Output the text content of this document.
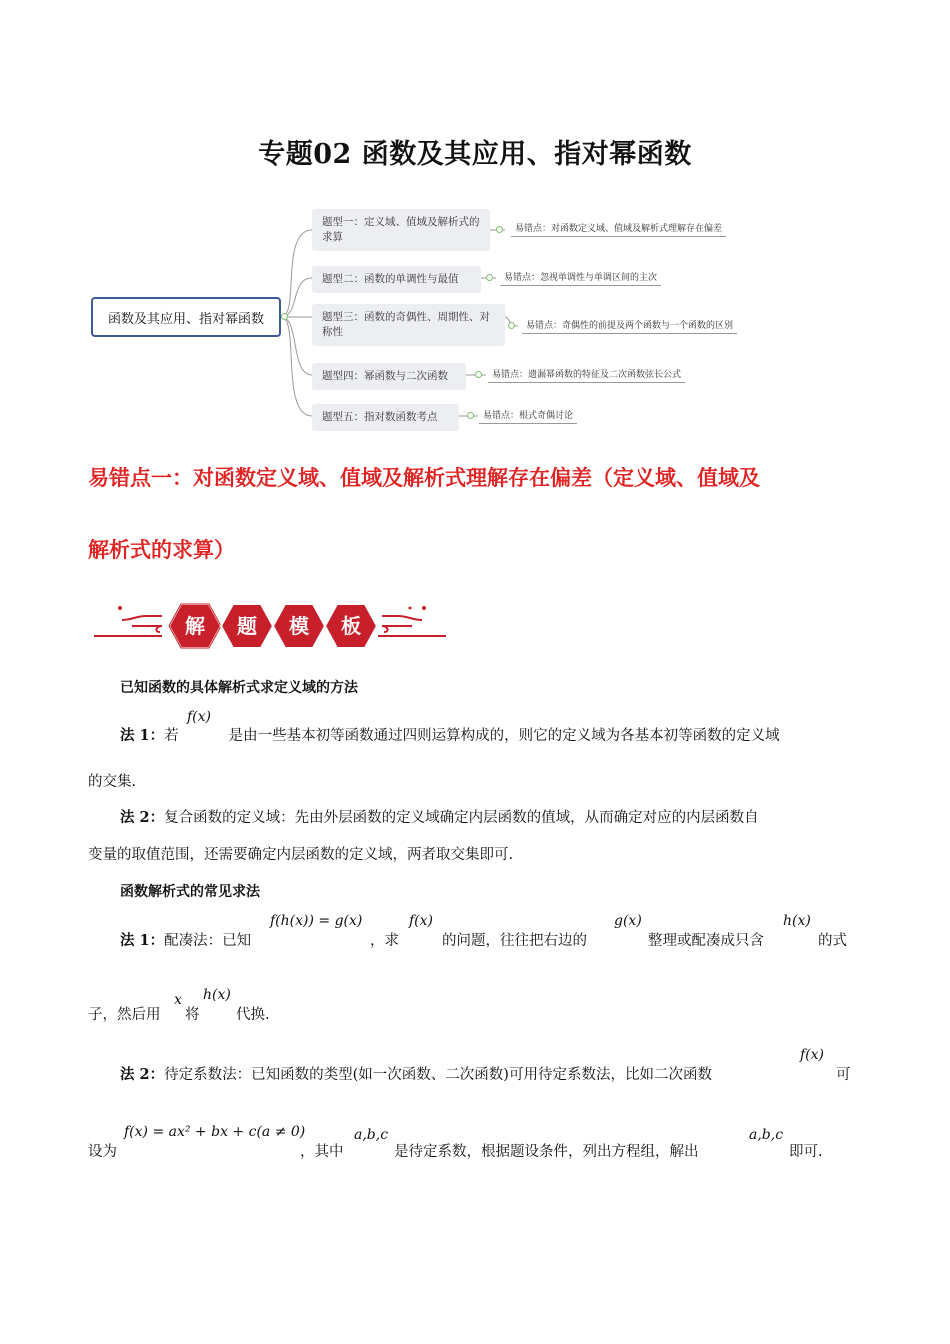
专题02 函数及其应用、指对幂函数
函数及其应用、指对幂函数
题型一：定义域、值域及解析式的求算
题型二：函数的单调性与最值
题型三：函数的奇偶性、周期性、对称性
题型四：幂函数与二次函数
题型五：指对数函数考点
易错点：对函数定义域、值域及解析式理解存在偏差
易错点：忽视单调性与单调区间的主次
易错点：奇偶性的前提及两个函数与一个函数的区别
易错点：遗漏幂函数的特征及二次函数弦长公式
易错点：根式奇偶讨论
易错点一：对函数定义域、值域及解析式理解存在偏差（定义域、值域及
解析式的求算）
解	题	模	板
已知函数的具体解析式求定义域的方法
f(x)
法 1：若	是由一些基本初等函数通过四则运算构成的，则它的定义域为各基本初等函数的定义域
的交集.
法 2：复合函数的定义域：先由外层函数的定义域确定内层函数的值域，从而确定对应的内层函数自
变量的取值范围，还需要确定内层函数的定义域，两者取交集即可.
函数解析式的常见求法
f(h(x)) = g(x)	f(x)	g(x)	h(x)
法 1：配凑法：已知	，求	的问题，往往把右边的	整理或配凑成只含	的式
x h(x)
子，然后用 将	代换.
f(x)
法 2：待定系数法：已知函数的类型(如一次函数、二次函数)可用待定系数法，比如二次函数	可
f(x) = ax² + bx + c(a ≠ 0)	a,b,c	a,b,c
设为	，其中	是待定系数，根据题设条件，列出方程组，解出	即可.
